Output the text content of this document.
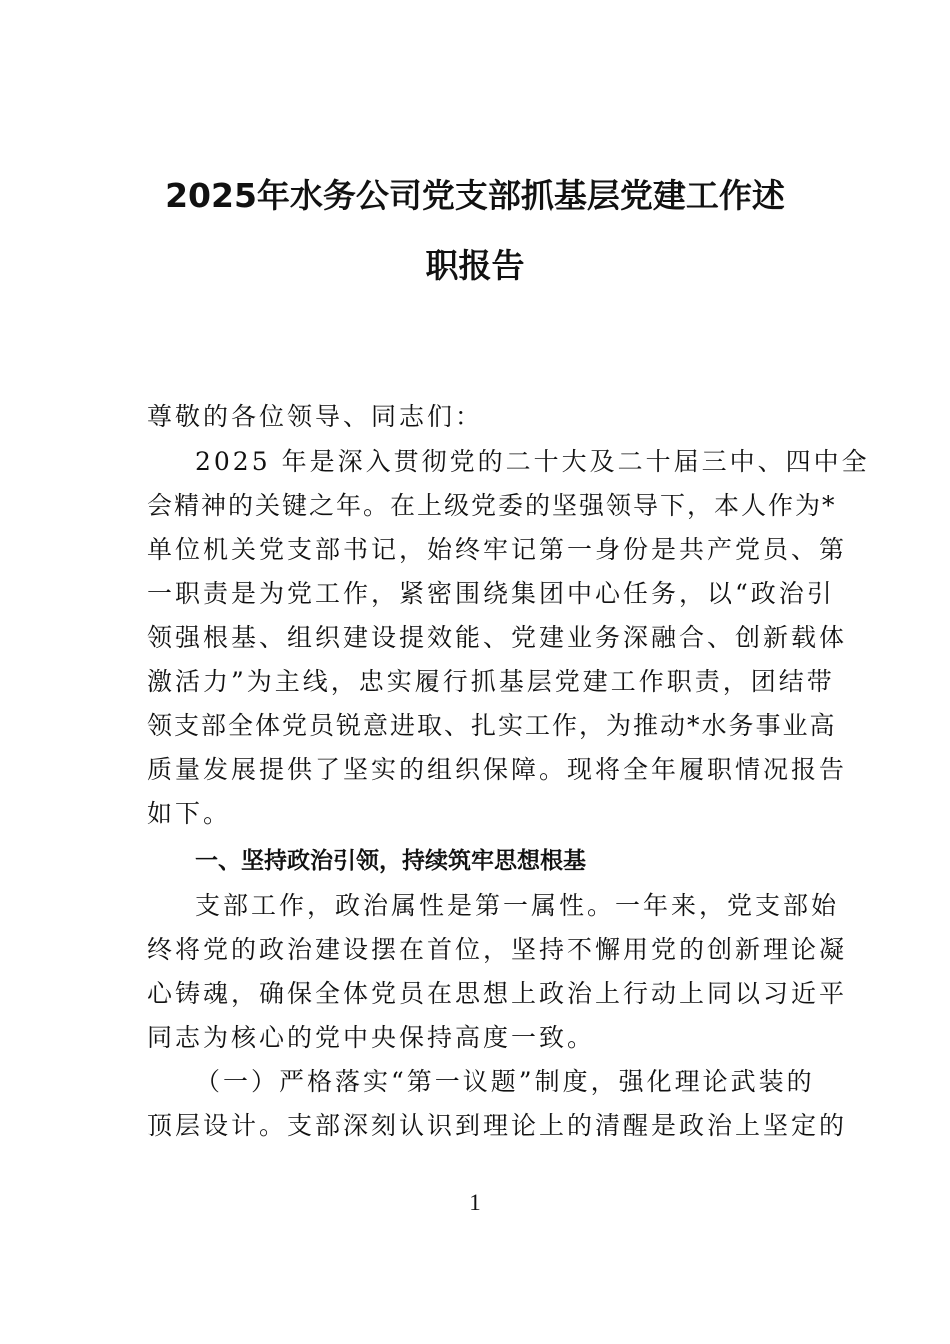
2025年水务公司党支部抓基层党建工作述
职报告

尊敬的各位领导、同志们：

2025 年是深入贯彻党的二十大及二十届三中、四中全

会精神的关键之年。在上级党委的坚强领导下，本人作为*

单位机关党支部书记，始终牢记第一身份是共产党员、第

一职责是为党工作，紧密围绕集团中心任务，以“政治引

领强根基、组织建设提效能、党建业务深融合、创新载体

激活力”为主线，忠实履行抓基层党建工作职责，团结带

领支部全体党员锐意进取、扎实工作，为推动*水务事业高

质量发展提供了坚实的组织保障。现将全年履职情况报告

如下。

一、坚持政治引领，持续筑牢思想根基

支部工作，政治属性是第一属性。一年来，党支部始

终将党的政治建设摆在首位，坚持不懈用党的创新理论凝

心铸魂，确保全体党员在思想上政治上行动上同以习近平

同志为核心的党中央保持高度一致。

（一）严格落实“第一议题”制度，强化理论武装的

顶层设计。支部深刻认识到理论上的清醒是政治上坚定的

1
